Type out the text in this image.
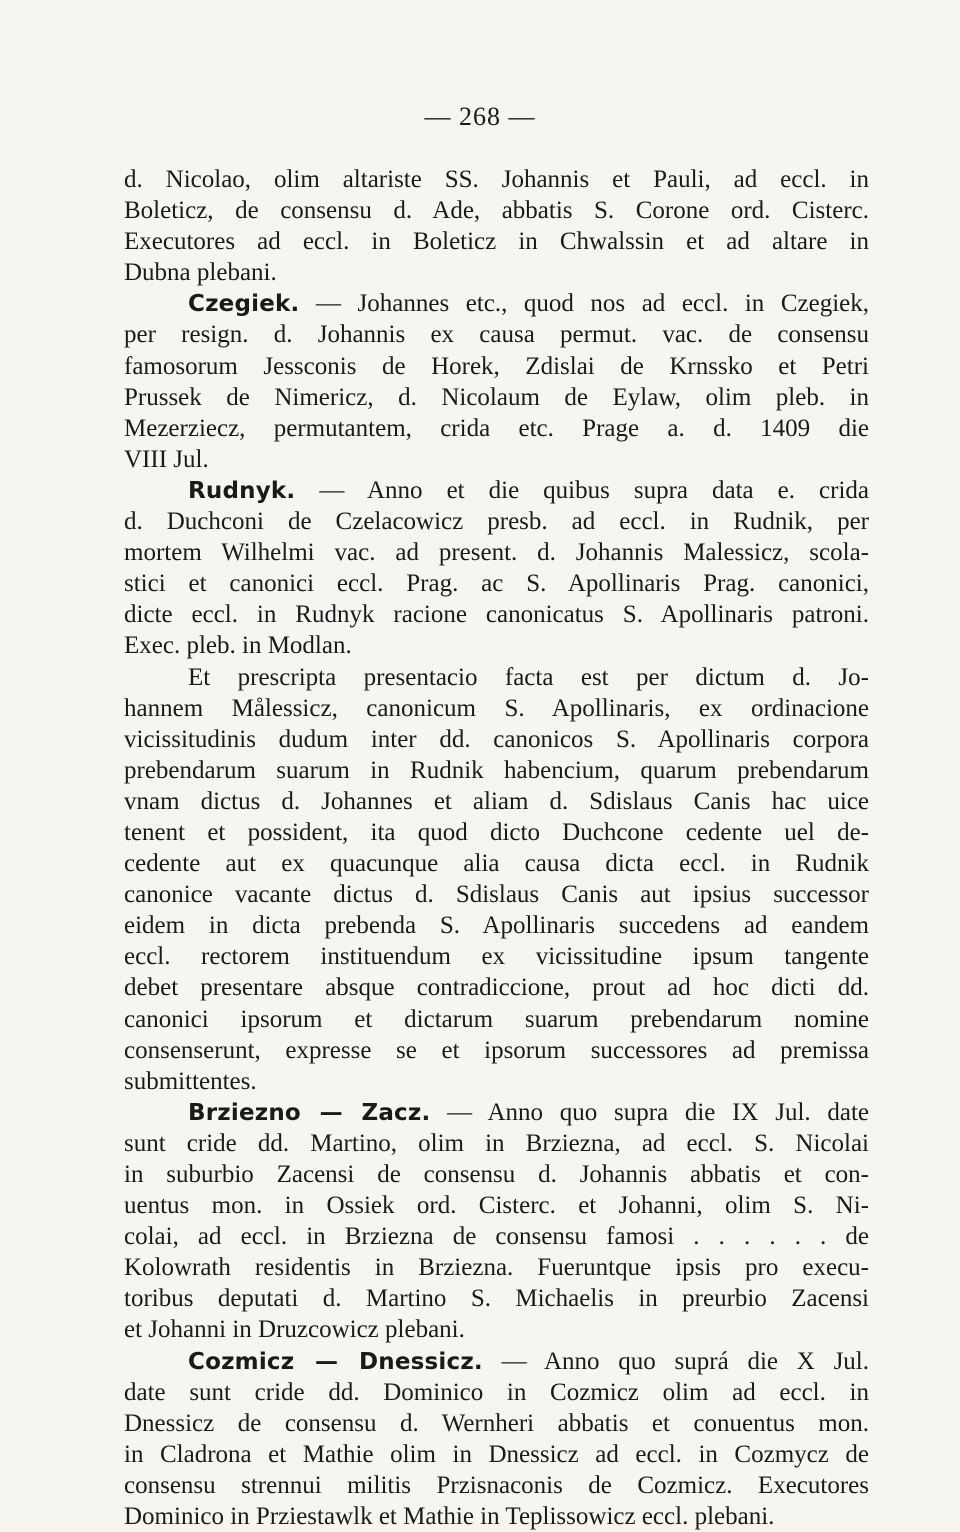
— 268 —
d. Nicolao, olim altariste SS. Johannis et Pauli, ad eccl. in
Boleticz, de consensu d. Ade, abbatis S. Corone ord. Cisterc.
Executores ad eccl. in Boleticz in Chwalssin et ad altare in
Dubna plebani.
Czegiek. — Johannes etc., quod nos ad eccl. in Czegiek,
per resign. d. Johannis ex causa permut. vac. de consensu
famosorum Jessconis de Horek, Zdislai de Krnssko et Petri
Prussek de Nimericz, d. Nicolaum de Eylaw, olim pleb. in
Mezerziecz, permutantem, crida etc. Prage a. d. 1409 die
VIII Jul.
Rudnyk. — Anno et die quibus supra data e. crida
d. Duchconi de Czelacowicz presb. ad eccl. in Rudnik, per
mortem Wilhelmi vac. ad present. d. Johannis Malessicz, scola-
stici et canonici eccl. Prag. ac S. Apollinaris Prag. canonici,
dicte eccl. in Rudnyk racione canonicatus S. Apollinaris patroni.
Exec. pleb. in Modlan.
Et prescripta presentacio facta est per dictum d. Jo-
hannem Målessicz, canonicum S. Apollinaris, ex ordinacione
vicissitudinis dudum inter dd. canonicos S. Apollinaris corpora
prebendarum suarum in Rudnik habencium, quarum prebendarum
vnam dictus d. Johannes et aliam d. Sdislaus Canis hac uice
tenent et possident, ita quod dicto Duchcone cedente uel de-
cedente aut ex quacunque alia causa dicta eccl. in Rudnik
canonice vacante dictus d. Sdislaus Canis aut ipsius successor
eidem in dicta prebenda S. Apollinaris succedens ad eandem
eccl. rectorem instituendum ex vicissitudine ipsum tangente
debet presentare absque contradiccione, prout ad hoc dicti dd.
canonici ipsorum et dictarum suarum prebendarum nomine
consenserunt, expresse se et ipsorum successores ad premissa
submittentes.
Brziezno — Zacz. — Anno quo supra die IX Jul. date
sunt cride dd. Martino, olim in Brziezna, ad eccl. S. Nicolai
in suburbio Zacensi de consensu d. Johannis abbatis et con-
uentus mon. in Ossiek ord. Cisterc. et Johanni, olim S. Ni-
colai, ad eccl. in Brziezna de consensu famosi . . . . . . de
Kolowrath residentis in Brziezna. Fueruntque ipsis pro execu-
toribus deputati d. Martino S. Michaelis in preurbio Zacensi
et Johanni in Druzcowicz plebani.
Cozmicz — Dnessicz. — Anno quo suprá die X Jul.
date sunt cride dd. Dominico in Cozmicz olim ad eccl. in
Dnessicz de consensu d. Wernheri abbatis et conuentus mon.
in Cladrona et Mathie olim in Dnessicz ad eccl. in Cozmycz de
consensu strennui militis Przisnaconis de Cozmicz. Executores
Dominico in Prziestawlk et Mathie in Teplissowicz eccl. plebani.
